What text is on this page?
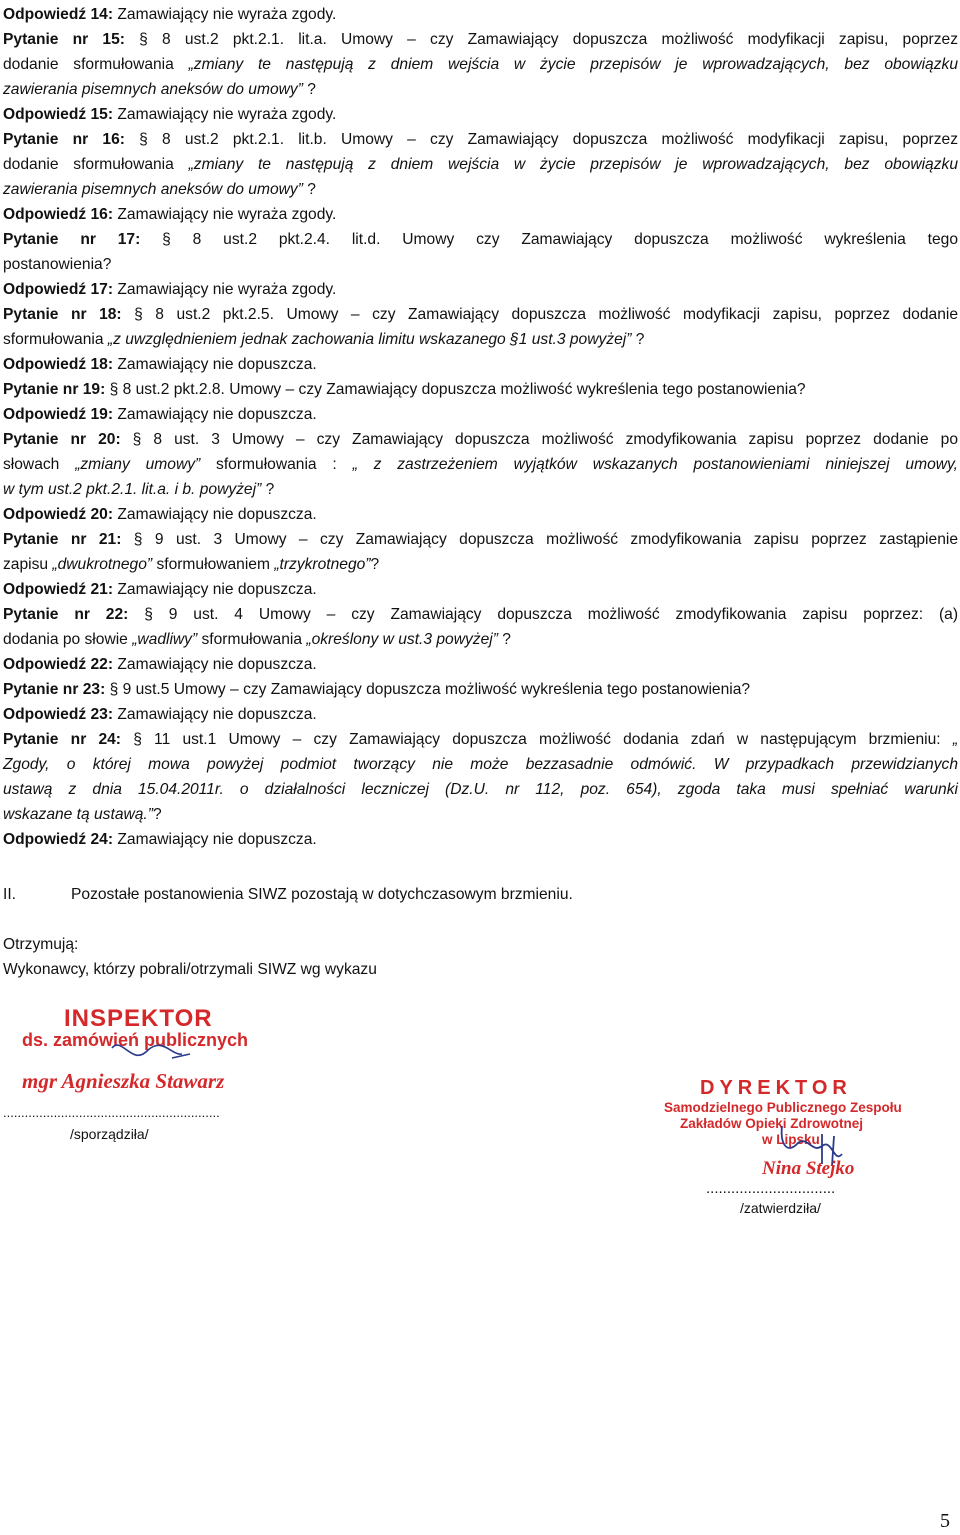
Odpowiedź 14: Zamawiający nie wyraża zgody.
Pytanie nr 15: § 8 ust.2 pkt.2.1. lit.a. Umowy – czy Zamawiający dopuszcza możliwość modyfikacji zapisu, poprzez
dodanie sformułowania „zmiany te następują z dniem wejścia w życie przepisów je wprowadzających, bez obowiązku
zawierania pisemnych aneksów do umowy” ?
Odpowiedź 15: Zamawiający nie wyraża zgody.
Pytanie nr 16: § 8 ust.2 pkt.2.1. lit.b. Umowy – czy Zamawiający dopuszcza możliwość modyfikacji zapisu, poprzez
dodanie sformułowania „zmiany te następują z dniem wejścia w życie przepisów je wprowadzających, bez obowiązku
zawierania pisemnych aneksów do umowy” ?
Odpowiedź 16: Zamawiający nie wyraża zgody.
Pytanie nr 17: § 8 ust.2 pkt.2.4. lit.d. Umowy czy Zamawiający dopuszcza możliwość wykreślenia tego
postanowienia?
Odpowiedź 17: Zamawiający nie wyraża zgody.
Pytanie nr 18: § 8 ust.2 pkt.2.5. Umowy – czy Zamawiający dopuszcza możliwość modyfikacji zapisu, poprzez dodanie
sformułowania „z uwzględnieniem jednak zachowania limitu wskazanego §1 ust.3 powyżej” ?
Odpowiedź 18: Zamawiający nie dopuszcza.
Pytanie nr 19: § 8 ust.2 pkt.2.8. Umowy – czy Zamawiający dopuszcza możliwość wykreślenia tego postanowienia?
Odpowiedź 19: Zamawiający nie dopuszcza.
Pytanie nr 20: § 8 ust. 3 Umowy – czy Zamawiający dopuszcza możliwość zmodyfikowania zapisu poprzez dodanie po
słowach „zmiany umowy” sformułowania : „ z zastrzeżeniem wyjątków wskazanych postanowieniami niniejszej umowy,
w tym ust.2 pkt.2.1. lit.a. i b. powyżej” ?
Odpowiedź 20: Zamawiający nie dopuszcza.
Pytanie nr 21: § 9 ust. 3 Umowy – czy Zamawiający dopuszcza możliwość zmodyfikowania zapisu poprzez zastąpienie
zapisu „dwukrotnego” sformułowaniem „trzykrotnego”?
Odpowiedź 21: Zamawiający nie dopuszcza.
Pytanie nr 22: § 9 ust. 4 Umowy – czy Zamawiający dopuszcza możliwość zmodyfikowania zapisu poprzez: (a)
dodania po słowie „wadliwy” sformułowania „określony w ust.3 powyżej” ?
Odpowiedź 22: Zamawiający nie dopuszcza.
Pytanie nr 23: § 9 ust.5 Umowy – czy Zamawiający dopuszcza możliwość wykreślenia tego postanowienia?
Odpowiedź 23: Zamawiający nie dopuszcza.
Pytanie nr 24: § 11 ust.1 Umowy – czy Zamawiający dopuszcza możliwość dodania zdań w następującym brzmieniu: „
Zgody, o której mowa powyżej podmiot tworzący nie może bezzasadnie odmówić. W przypadkach przewidzianych
ustawą z dnia 15.04.2011r. o działalności leczniczej (Dz.U. nr 112, poz. 654), zgoda taka musi spełniać warunki
wskazane tą ustawą.”?
Odpowiedź 24: Zamawiający nie dopuszcza.
II.	Pozostałe postanowienia SIWZ pozostają w dotychczasowym brzmieniu.
Otrzymują:
Wykonawcy, którzy pobrali/otrzymali SIWZ wg wykazu
INSPEKTOR
ds. zamówień publicznych
mgr Agnieszka Stawarz
............................................................
/sporządziła/
DYREKTOR
Samodzielnego Publicznego Zespołu
Zakładów Opieki Zdrowotnej
w Lipsku
Nina Stejko
...............................
/zatwierdziła/
5
